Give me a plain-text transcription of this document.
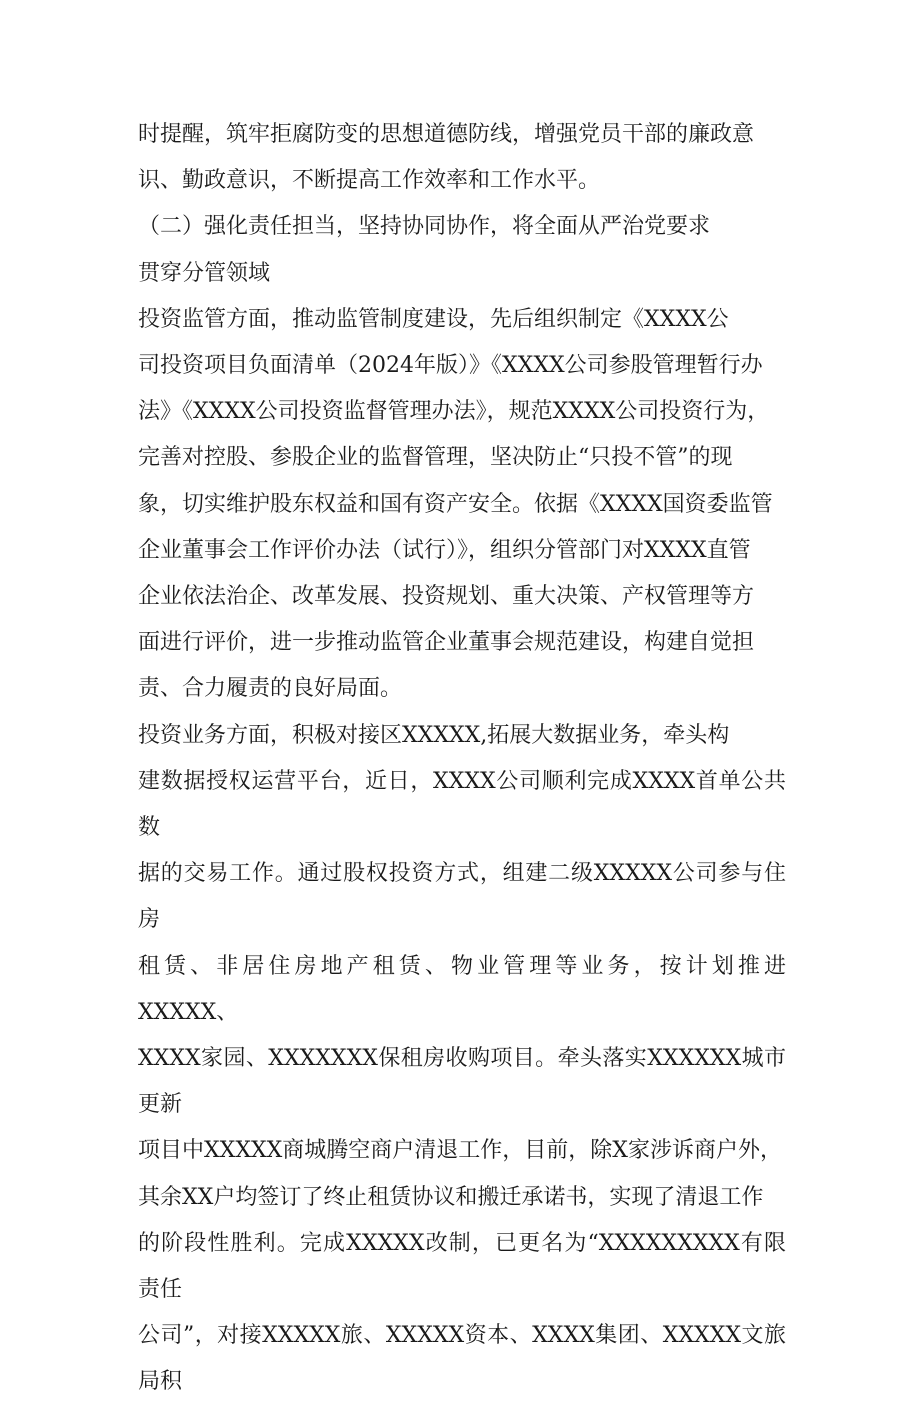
时提醒，筑牢拒腐防变的思想道德防线，增强党员干部的廉政意
识、勤政意识，不断提高工作效率和工作水平。

（二）强化责任担当，坚持协同协作，将全面从严治党要求
贯穿分管领域

投资监管方面，推动监管制度建设，先后组织制定《XXXX公
司投资项目负面清单（2024年版）》《XXXX公司参股管理暂行办
法》《XXXX公司投资监督管理办法》，规范XXXX公司投资行为，
完善对控股、参股企业的监督管理，坚决防止“只投不管”的现
象，切实维护股东权益和国有资产安全。依据《XXXX国资委监管
企业董事会工作评价办法（试行）》，组织分管部门对XXXX直管
企业依法治企、改革发展、投资规划、重大决策、产权管理等方
面进行评价，进一步推动监管企业董事会规范建设，构建自觉担
责、合力履责的良好局面。

投资业务方面，积极对接区XXXXX,拓展大数据业务，牵头构
建数据授权运营平台，近日，XXXX公司顺利完成XXXX首单公共数
据的交易工作。通过股权投资方式，组建二级XXXXX公司参与住房
租赁、非居住房地产租赁、物业管理等业务，按计划推进XXXXX、
XXXX家园、XXXXXXX保租房收购项目。牵头落实XXXXXX城市更新
项目中XXXXX商城腾空商户清退工作，目前，除X家涉诉商户外，
其余XX户均签订了终止租赁协议和搬迁承诺书，实现了清退工作
的阶段性胜利。完成XXXXX改制，已更名为“XXXXXXXXX有限责任
公司”，对接XXXXX旅、XXXXX资本、XXXX集团、XXXXX文旅局积
